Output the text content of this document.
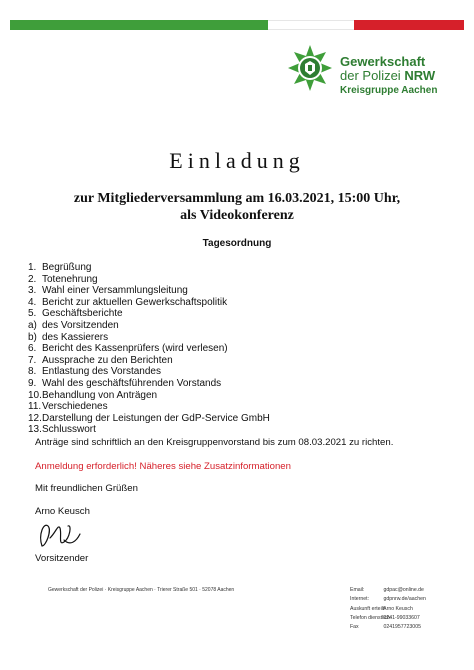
Gewerkschaft
der Polizei NRW
Kreisgruppe Aachen
Einladung
zur Mitgliederversammlung am 16.03.2021, 15:00 Uhr,
als Videokonferenz
Tagesordnung
1. Begrüßung
2. Totenehrung
3. Wahl einer Versammlungsleitung
4. Bericht zur aktuellen Gewerkschaftspolitik
5. Geschäftsberichte
a) des Vorsitzenden
b) des Kassierers
6. Bericht des Kassenprüfers (wird verlesen)
7. Aussprache zu den Berichten
8. Entlastung des Vorstandes
9. Wahl des geschäftsführenden Vorstands
10.Behandlung von Anträgen
11.Verschiedenes
12.Darstellung der Leistungen der GdP-Service GmbH
13.Schlusswort
Anträge sind schriftlich an den Kreisgruppenvorstand bis zum 08.03.2021 zu richten.
Anmeldung erforderlich! Näheres siehe Zusatzinformationen
Mit freundlichen Grüßen
Arno Keusch
Vorsitzender
Gewerkschaft der Polizei · Kreisgruppe Aachen · Trierer Straße 501 · 52078 Aachen	Email:	gdpac@online.de
Internet:	gdpnrw.de/aachen
Auskunft erteilt: Arno Keusch
Telefon dienstlich: 0241-99033607
Fax	0241957723005
